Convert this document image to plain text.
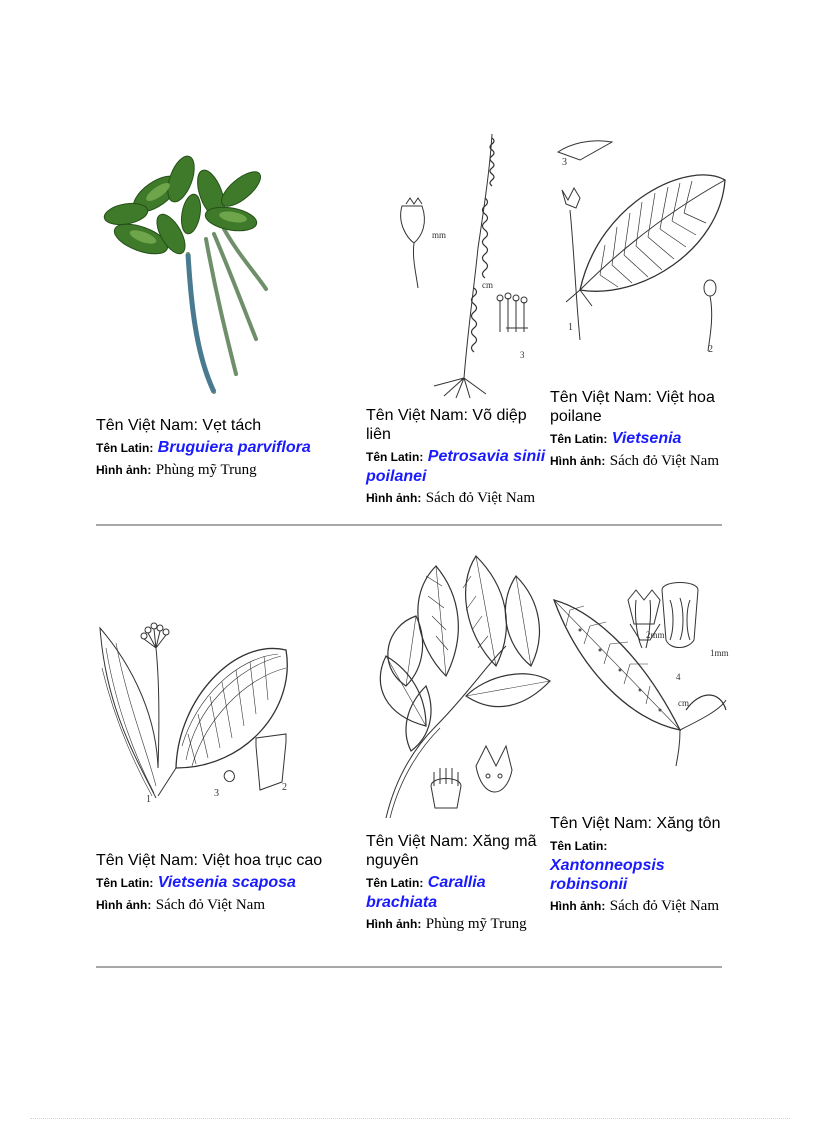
Tên Việt Nam: Vẹt tách

Tên Latin: Bruguiera parviflora
Hình ảnh: Phùng mỹ Trung
mm
cm
3

Tên Việt Nam: Võ diệp liên

Tên Latin: Petrosavia sinii poilanei
Hình ảnh: Sách đỏ Việt Nam
3
1
2

Tên Việt Nam: Việt hoa poilane

Tên Latin: Vietsenia
Hình ảnh: Sách đỏ Việt Nam
1
3
2

Tên Việt Nam: Việt hoa trục cao

Tên Latin: Vietsenia scaposa
Hình ảnh: Sách đỏ Việt Nam

Tên Việt Nam: Xăng mã nguyên

Tên Latin: Carallia brachiata
Hình ảnh: Phùng mỹ Trung
1mm
2mm
4
cm

Tên Việt Nam: Xăng tôn

Tên Latin: Xantonneopsis robinsonii
Hình ảnh: Sách đỏ Việt Nam
